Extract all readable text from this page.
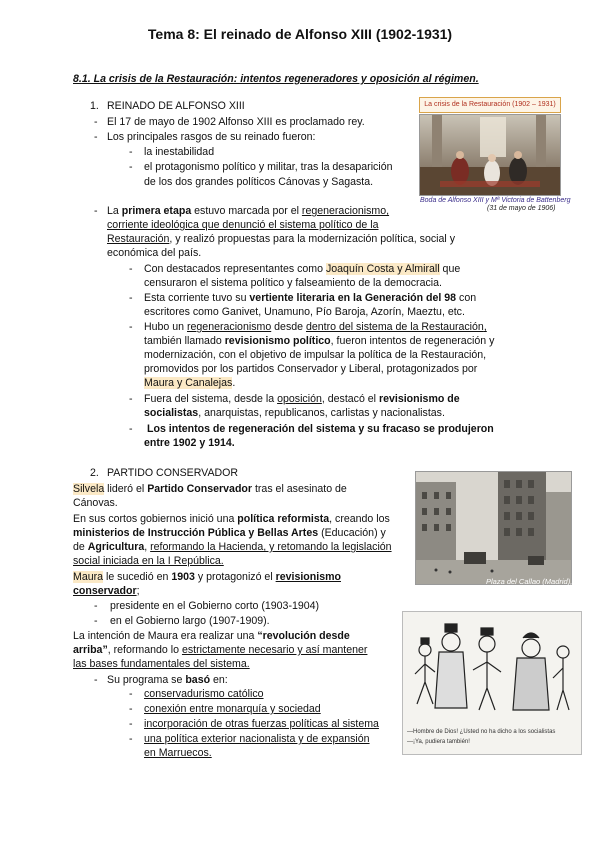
Tema 8: El reinado de Alfonso XIII (1902-1931)
8.1. La crisis de la Restauración: intentos regeneradores y oposición al régimen.
1. REINADO DE ALFONSO XIII
- El 17 de mayo de 1902 Alfonso XIII es proclamado rey.
- Los principales rasgos de su reinado fueron:
- la inestabilidad
- el protagonismo político y militar, tras la desaparición
de los dos grandes políticos Cánovas y Sagasta.
- La primera etapa estuvo marcada por el regeneracionismo,
corriente ideológica que denunció el sistema político de la
Restauración, y realizó propuestas para la modernización política, social y
económica del país.
- Con destacados representantes como Joaquín Costa y Almirall que
censuraron el sistema político y falseamiento de la democracia.
- Esta corriente tuvo su vertiente literaria en la Generación del 98 con
escritores como Ganivet, Unamuno, Pío Baroja, Azorín, Maeztu, etc.
- Hubo un regeneracionismo desde dentro del sistema de la Restauración,
también llamado revisionismo político, fueron intentos de regeneración y
modernización, con el objetivo de impulsar la política de la Restauración,
promovidos por los partidos Conservador y Liberal, protagonizados por
Maura y Canalejas.
- Fuera del sistema, desde la oposición, destacó el revisionismo de
socialistas, anarquistas, republicanos, carlistas y nacionalistas.
- Los intentos de regeneración del sistema y su fracaso se produjeron
entre 1902 y 1914.
2. PARTIDO CONSERVADOR
Silvela lideró el Partido Conservador tras el asesinato de
Cánovas.
En sus cortos gobiernos inició una política reformista, creando los
ministerios de Instrucción Pública y Bellas Artes (Educación) y
de Agricultura, reformando la Hacienda, y retomando la legislación
social iniciada en la I República.
Maura le sucedió en 1903 y protagonizó el revisionismo
conservador;
- presidente en el Gobierno corto (1903-1904)
- en el Gobierno largo (1907-1909).
La intención de Maura era realizar una “revolución desde
arriba”, reformando lo estrictamente necesario y así mantener
las bases fundamentales del sistema.
- Su programa se basó en:
- conservadurismo católico
- conexión entre monarquía y sociedad
- incorporación de otras fuerzas políticas al sistema
- una política exterior nacionalista y de expansión
en Marruecos.
La crisis de la Restauración (1902 – 1931)
Boda de Alfonso XIII y Mª Victoria de Battenberg
(31 de mayo de 1906)
Plaza del Callao (Madrid), 1930.
—Hombre de Dios! ¿Usted no ha dicho a los socialistas
—¡Ya, pudiera también!
